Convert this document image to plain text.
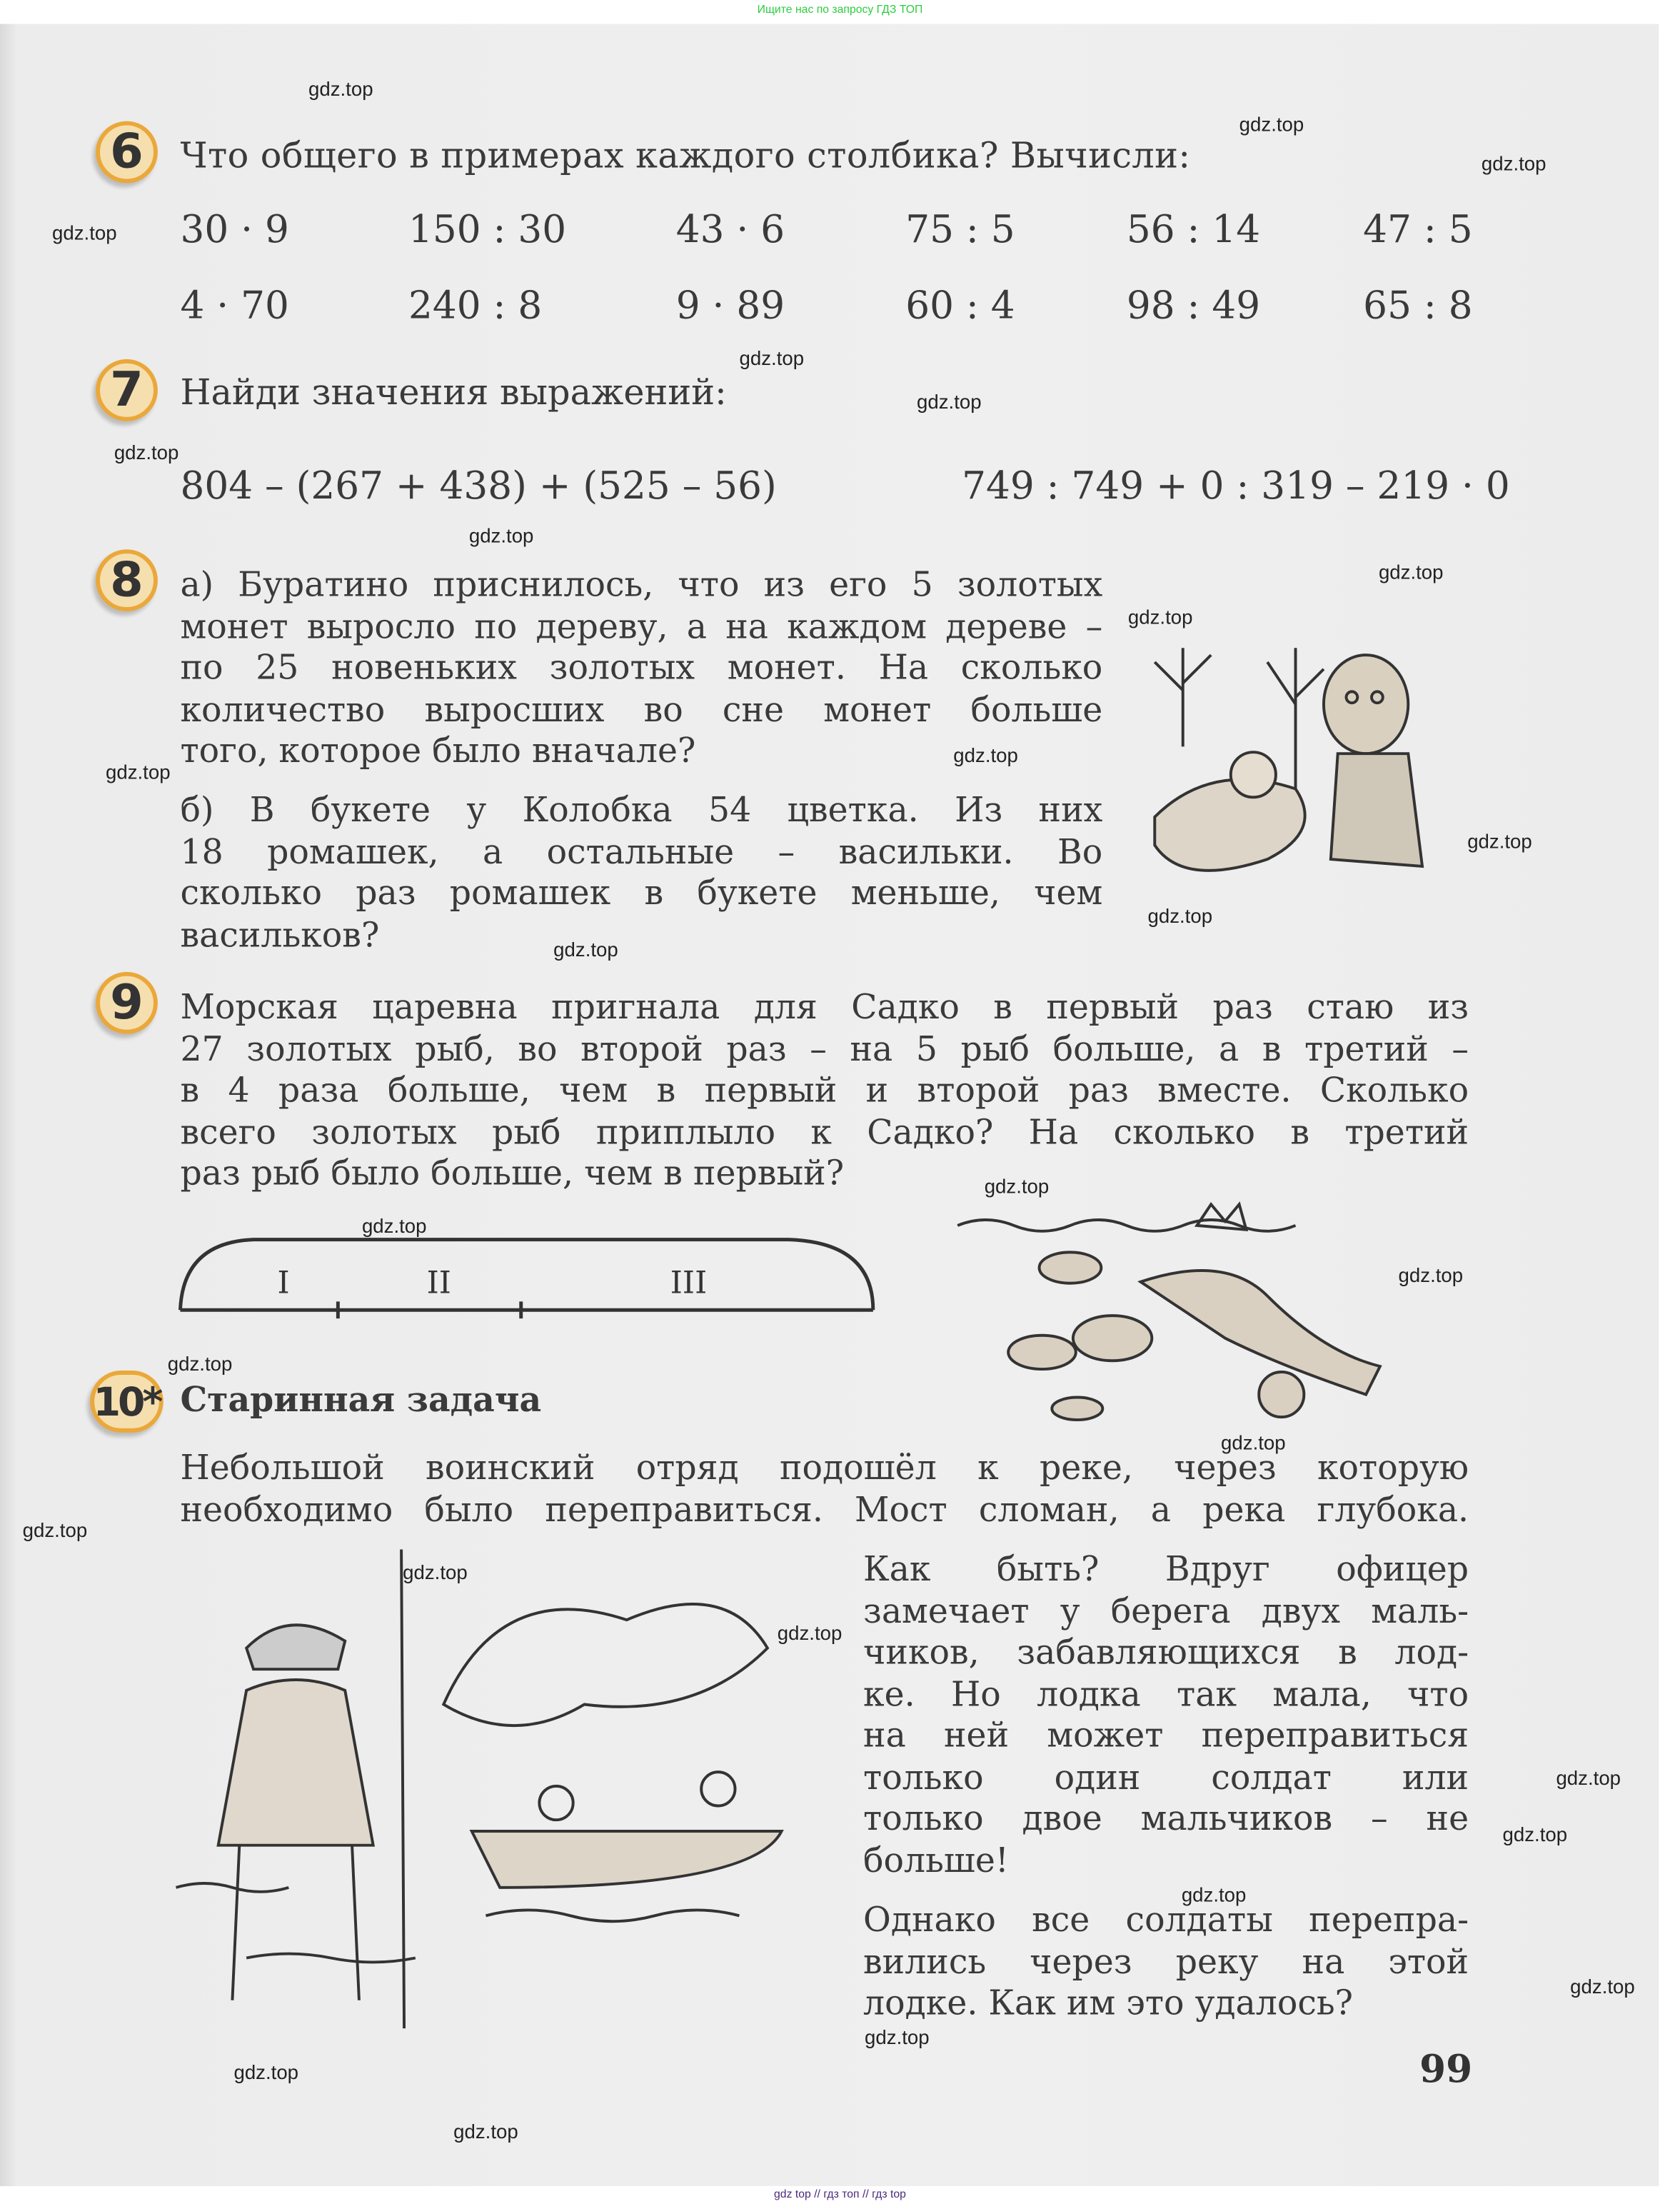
Ищите нас по запросу ГДЗ ТОП
6	Что общего в примерах каждого столбика? Вычисли:
30 · 9	150 : 30	43 · 6	75 : 5	56 : 14	47 : 5
4 · 70	240 : 8	9 · 89	60 : 4	98 : 49	65 : 8
7	Найди значения выражений:
804 – (267 + 438) + (525 – 56)	749 : 749 + 0 : 319 – 219 · 0
8	а) Буратино приснилось, что из его 5 золотых
монет выросло по дереву, а на каждом дереве –
по 25 новеньких золотых монет. На сколько
количество выросших во сне монет больше
того, которое было вначале?
б) В букете у Колобка 54 цветка. Из них
18 ромашек, а остальные – васильки. Во
сколько раз ромашек в букете меньше, чем
васильков?
9	Морская царевна пригнала для Садко в первый раз стаю из
27 золотых рыб, во второй раз – на 5 рыб больше, а в третий –
в 4 раза больше, чем в первый и второй раз вместе. Сколько
всего золотых рыб приплыло к Садко? На сколько в третий
раз рыб было больше, чем в первый?
I	II	III
10* Старинная задача
Небольшой воинский отряд подошёл к реке, через которую
необходимо было переправиться. Мост сломан, а река глубока.
Как быть? Вдруг офицер
замечает у берега двух маль-
чиков, забавляющихся в лод-
ке. Но лодка так мала, что
на ней может переправиться
только один солдат или
только двое мальчиков – не
больше!
Однако все солдаты перепра-
вились через реку на этой
лодке. Как им это удалось?
99
gdz top // гдз топ // гдз top
gdz.top
gdz.top
gdz.top
gdz.top
gdz.top
gdz.top
gdz.top
gdz.top
gdz.top
gdz.top
gdz.top
gdz.top
gdz.top
gdz.top
gdz.top
gdz.top
gdz.top
gdz.top
gdz.top
gdz.top
gdz.top
gdz.top
gdz.top
gdz.top
gdz.top
gdz.top
gdz.top
gdz.top
gdz.top
gdz.top
